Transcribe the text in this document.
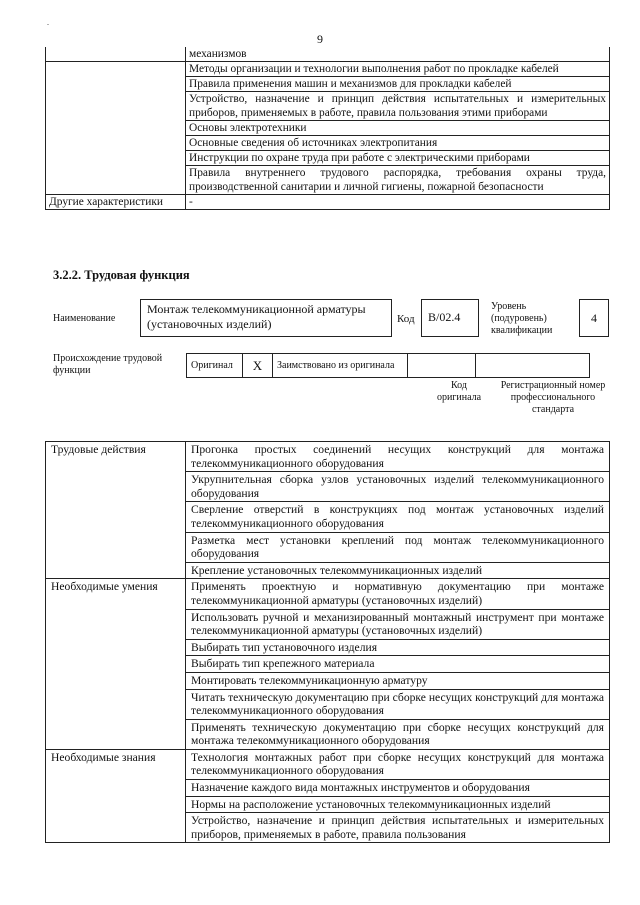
.
9
	механизмов
	Методы организации и технологии выполнения работ по прокладке кабелей
	Правила применения машин и механизмов для прокладки кабелей
	Устройство, назначение и принцип действия испытательных и измерительных приборов, применяемых в работе, правила пользования этими приборами
	Основы электротехники
	Основные сведения об источниках электропитания
	Инструкции по охране труда при работе с электрическими приборами
	Правила внутреннего трудового распорядка, требования охраны труда, производственной санитарии и личной гигиены, пожарной безопасности
Другие характеристики	-
3.2.2. Трудовая функция
Наименование
Монтаж телекоммуникационной арматуры (установочных изделий)	Код	В/02.4
Уровень (подуровень) квалификации
4
Происхождение трудовой функции	Оригинал	X	Заимствовано из оригинала		
Код оригинала
Регистрационный номер профессионального стандарта
Трудовые действия	Прогонка простых соединений несущих конструкций для монтажа телекоммуникационного оборудования
	Укрупнительная сборка узлов установочных изделий телекоммуникационного оборудования
	Сверление отверстий в конструкциях под монтаж установочных изделий телекоммуникационного оборудования
	Разметка мест установки креплений под монтаж телекоммуникационного оборудования
	Крепление установочных телекоммуникационных изделий
Необходимые умения	Применять проектную и нормативную документацию при монтаже телекоммуникационной арматуры (установочных изделий)
	Использовать ручной и механизированный монтажный инструмент при монтаже телекоммуникационной арматуры (установочных изделий)
	Выбирать тип установочного изделия
	Выбирать тип крепежного материала
	Монтировать телекоммуникационную арматуру
	Читать техническую документацию при сборке несущих конструкций для монтажа телекоммуникационного оборудования
	Применять техническую документацию при сборке несущих конструкций для монтажа телекоммуникационного оборудования
Необходимые знания	Технология монтажных работ при сборке несущих конструкций для монтажа телекоммуникационного оборудования
	Назначение каждого вида монтажных инструментов и оборудования
	Нормы на расположение установочных телекоммуникационных изделий
	Устройство, назначение и принцип действия испытательных и измерительных приборов, применяемых в работе, правила пользования
